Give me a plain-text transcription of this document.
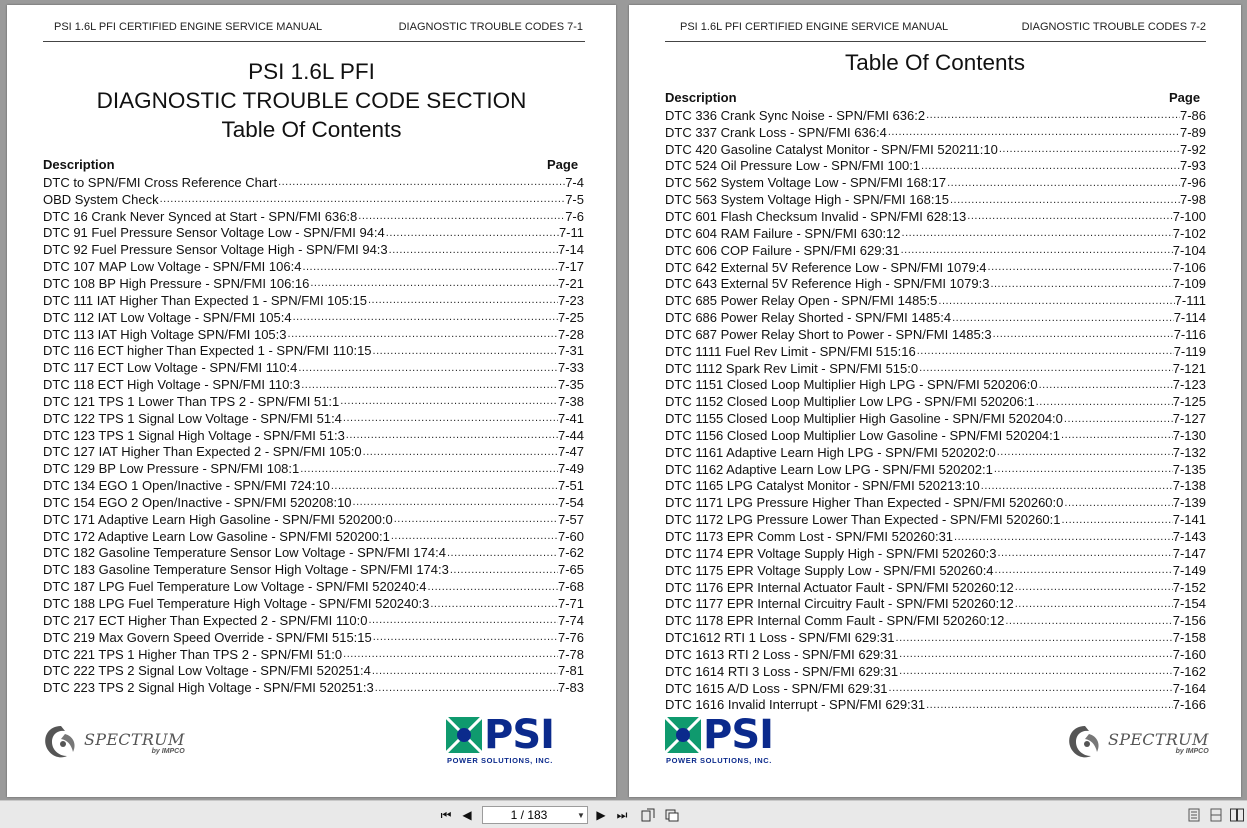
PSI 1.6L PFI CERTIFIED ENGINE SERVICE MANUAL	DIAGNOSTIC TROUBLE CODES 7-1
PSI 1.6L PFI
DIAGNOSTIC TROUBLE CODE SECTION
Table Of Contents
Description	Page
DTC to SPN/FMI Cross Reference Chart .....	7-4
OBD System Check .....	7-5
DTC 16 Crank Never Synced at Start - SPN/FMI 636:8 .....	7-6
DTC 91 Fuel Pressure Sensor Voltage Low - SPN/FMI 94:4 .....	7-11
DTC 92 Fuel Pressure Sensor Voltage High - SPN/FMI 94:3 .....	7-14
DTC 107 MAP Low Voltage - SPN/FMI 106:4 .....	7-17
DTC 108 BP High Pressure - SPN/FMI 106:16 .....	7-21
DTC 111 IAT Higher Than Expected 1 - SPN/FMI 105:15 .....	7-23
DTC 112 IAT Low Voltage - SPN/FMI 105:4 .....	7-25
DTC 113 IAT High Voltage SPN/FMI 105:3 .....	7-28
DTC 116 ECT higher Than Expected 1 - SPN/FMI 110:15 .....	7-31
DTC 117 ECT Low Voltage - SPN/FMI 110:4 .....	7-33
DTC 118 ECT High Voltage - SPN/FMI 110:3 .....	7-35
DTC 121 TPS 1 Lower Than TPS 2 - SPN/FMI 51:1 .....	7-38
DTC 122 TPS 1 Signal Low Voltage - SPN/FMI 51:4 .....	7-41
DTC 123 TPS 1 Signal High Voltage - SPN/FMI 51:3 .....	7-44
DTC 127 IAT Higher Than Expected 2 - SPN/FMI 105:0 .....	7-47
DTC 129 BP Low Pressure - SPN/FMI 108:1 .....	7-49
DTC 134 EGO 1 Open/Inactive - SPN/FMI 724:10 .....	7-51
DTC 154 EGO 2 Open/Inactive - SPN/FMI 520208:10 .....	7-54
DTC 171 Adaptive Learn High Gasoline - SPN/FMI 520200:0 .....	7-57
DTC 172 Adaptive Learn Low Gasoline - SPN/FMI 520200:1 .....	7-60
DTC 182 Gasoline Temperature Sensor Low Voltage - SPN/FMI 174:4 .....	7-62
DTC 183 Gasoline Temperature Sensor High Voltage - SPN/FMI 174:3 .....	7-65
DTC 187 LPG Fuel Temperature Low Voltage - SPN/FMI 520240:4 .....	7-68
DTC 188 LPG Fuel Temperature High Voltage - SPN/FMI 520240:3 .....	7-71
DTC 217 ECT Higher Than Expected 2 - SPN/FMI 110:0 .....	7-74
DTC 219 Max Govern Speed Override - SPN/FMI 515:15 .....	7-76
DTC 221 TPS 1 Higher Than TPS 2 - SPN/FMI 51:0 .....	7-78
DTC 222 TPS 2 Signal Low Voltage - SPN/FMI 520251:4 .....	7-81
DTC 223 TPS 2 Signal High Voltage - SPN/FMI 520251:3 .....	7-83
SPECTRUM
by IMPCO	PSI
POWER SOLUTIONS, INC.
PSI 1.6L PFI CERTIFIED ENGINE SERVICE MANUAL	DIAGNOSTIC TROUBLE CODES 7-2
Table Of Contents
Description	Page
DTC 336 Crank Sync Noise - SPN/FMI 636:2 .....	7-86
DTC 337 Crank Loss - SPN/FMI 636:4 .....	7-89
DTC 420 Gasoline Catalyst Monitor - SPN/FMI 520211:10 .....	7-92
DTC 524 Oil Pressure Low - SPN/FMI 100:1 .....	7-93
DTC 562 System Voltage Low - SPN/FMI 168:17 .....	7-96
DTC 563 System Voltage High - SPN/FMI 168:15 .....	7-98
DTC 601 Flash Checksum Invalid - SPN/FMI 628:13 .....	7-100
DTC 604 RAM Failure - SPN/FMI 630:12 .....	7-102
DTC 606 COP Failure - SPN/FMI 629:31 .....	7-104
DTC 642 External 5V Reference Low - SPN/FMI 1079:4 .....	7-106
DTC 643 External 5V Reference High - SPN/FMI 1079:3 .....	7-109
DTC 685 Power Relay Open - SPN/FMI 1485:5 .....	7-111
DTC 686 Power Relay Shorted - SPN/FMI 1485:4 .....	7-114
DTC 687 Power Relay Short to Power - SPN/FMI 1485:3 .....	7-116
DTC 1111 Fuel Rev Limit - SPN/FMI 515:16 .....	7-119
DTC 1112 Spark Rev Limit - SPN/FMI 515:0 .....	7-121
DTC 1151 Closed Loop Multiplier High LPG - SPN/FMI 520206:0 .....	7-123
DTC 1152 Closed Loop Multiplier Low LPG - SPN/FMI 520206:1 .....	7-125
DTC 1155 Closed Loop Multiplier High Gasoline - SPN/FMI 520204:0 .....	7-127
DTC 1156 Closed Loop Multiplier Low Gasoline - SPN/FMI 520204:1 .....	7-130
DTC 1161 Adaptive Learn High LPG - SPN/FMI 520202:0 .....	7-132
DTC 1162 Adaptive Learn Low LPG - SPN/FMI 520202:1 .....	7-135
DTC 1165 LPG Catalyst Monitor - SPN/FMI 520213:10 .....	7-138
DTC 1171 LPG Pressure Higher Than Expected - SPN/FMI 520260:0 .....	7-139
DTC 1172 LPG Pressure Lower Than Expected - SPN/FMI 520260:1 .....	7-141
DTC 1173 EPR Comm Lost - SPN/FMI 520260:31 .....	7-143
DTC 1174 EPR Voltage Supply High - SPN/FMI 520260:3 .....	7-147
DTC 1175 EPR Voltage Supply Low - SPN/FMI 520260:4 .....	7-149
DTC 1176 EPR Internal Actuator Fault - SPN/FMI 520260:12 .....	7-152
DTC 1177 EPR Internal Circuitry Fault - SPN/FMI 520260:12 .....	7-154
DTC 1178 EPR Internal Comm Fault - SPN/FMI 520260:12 .....	7-156
DTC1612 RTI 1 Loss - SPN/FMI 629:31 .....	7-158
DTC 1613 RTI 2 Loss - SPN/FMI 629:31 .....	7-160
DTC 1614 RTI 3 Loss - SPN/FMI 629:31 .....	7-162
DTC 1615 A/D Loss - SPN/FMI 629:31 .....	7-164
DTC 1616 Invalid Interrupt - SPN/FMI 629:31 .....	7-166
PSI
POWER SOLUTIONS, INC.
SPECTRUM
by IMPCO
⏮ ◀	1 / 183	▼ ▶ ⏭
